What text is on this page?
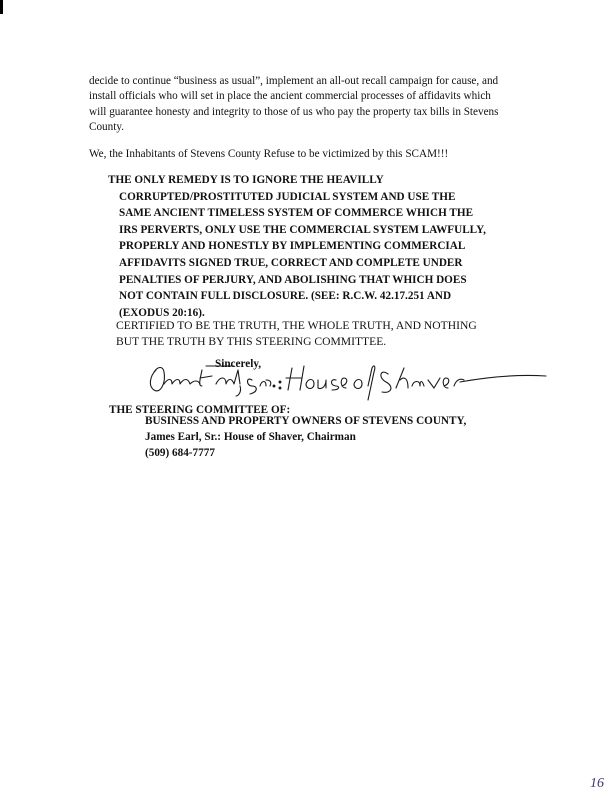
decide to continue “business as usual”, implement an all-out recall campaign for cause, and install officials who will set in place the ancient commercial processes of affidavits which will guarantee honesty and integrity to those of us who pay the property tax bills in Stevens County.

We, the Inhabitants of Stevens County Refuse to be victimized by this SCAM!!!

THE ONLY REMEDY IS TO IGNORE THE HEAVILLY
CORRUPTED/PROSTITUTED JUDICIAL SYSTEM AND USE THE
SAME ANCIENT TIMELESS SYSTEM OF COMMERCE WHICH THE
IRS PERVERTS, ONLY USE THE COMMERCIAL SYSTEM LAWFULLY,
PROPERLY AND HONESTLY BY IMPLEMENTING COMMERCIAL
AFFIDAVITS SIGNED TRUE, CORRECT AND COMPLETE UNDER
PENALTIES OF PERJURY, AND ABOLISHING THAT WHICH DOES
NOT CONTAIN FULL DISCLOSURE. (SEE: R.C.W. 42.17.251 AND
(EXODUS 20:16).
CERTIFIED TO BE THE TRUTH, THE WHOLE TRUTH, AND NOTHING
BUT THE TRUTH BY THIS STEERING COMMITTEE.
Sincerely,
THE STEERING COMMITTEE OF:
BUSINESS AND PROPERTY OWNERS OF STEVENS COUNTY,
James Earl, Sr.: House of Shaver, Chairman
(509) 684-7777
16
